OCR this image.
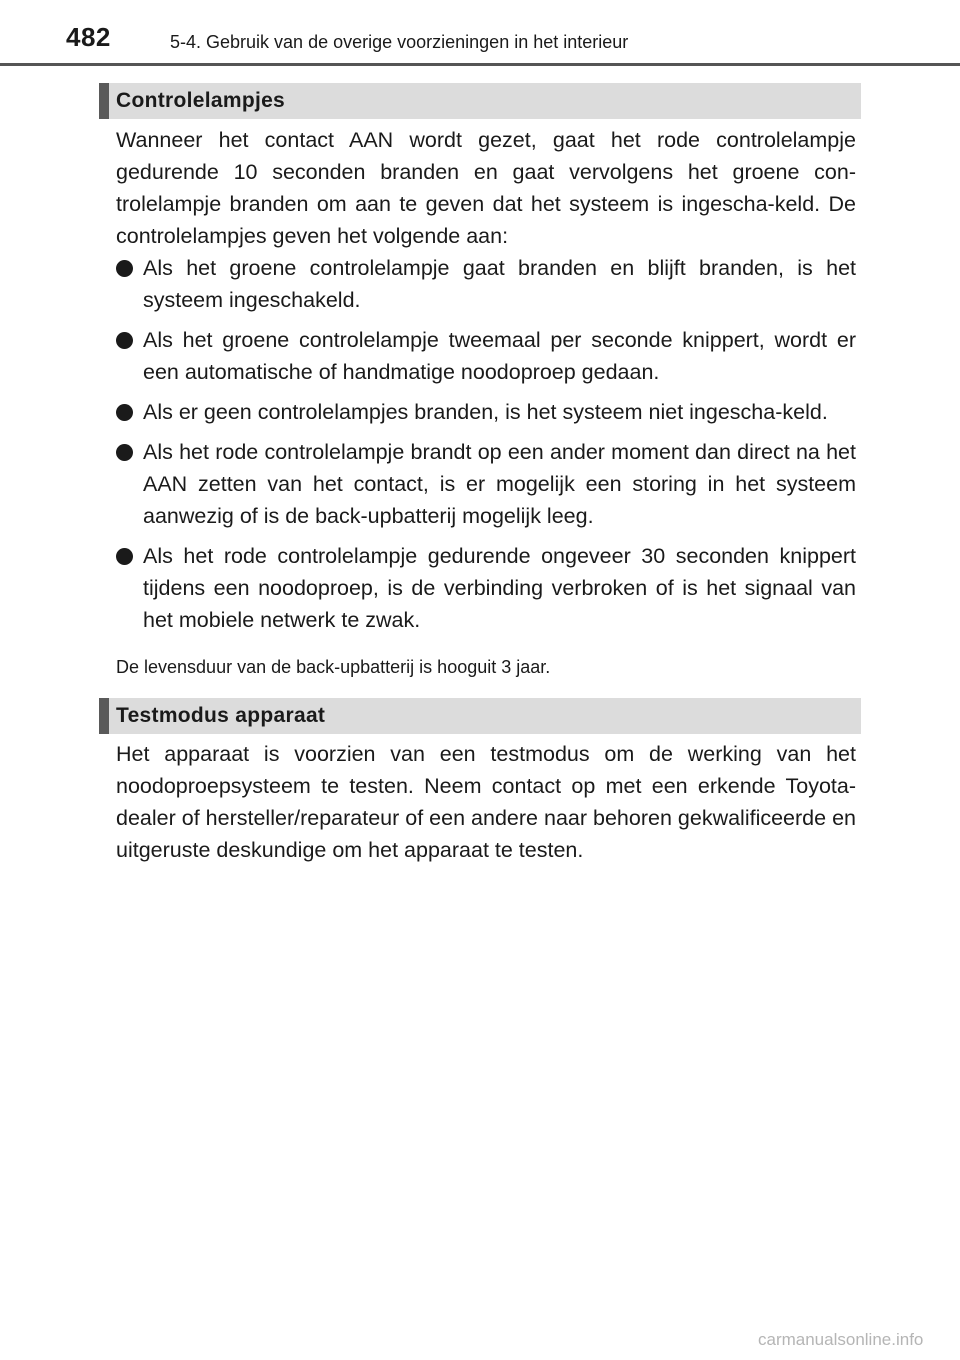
482	5-4. Gebruik van de overige voorzieningen in het interieur
Controlelampjes
Wanneer het contact AAN wordt gezet, gaat het rode controlelampje gedurende 10 seconden branden en gaat vervolgens het groene con-trolelampje branden om aan te geven dat het systeem is ingescha-keld. De controlelampjes geven het volgende aan:
Als het groene controlelampje gaat branden en blijft branden, is het systeem ingeschakeld.
Als het groene controlelampje tweemaal per seconde knippert, wordt er een automatische of handmatige noodoproep gedaan.
Als er geen controlelampjes branden, is het systeem niet ingescha-keld.
Als het rode controlelampje brandt op een ander moment dan direct na het AAN zetten van het contact, is er mogelijk een storing in het systeem aanwezig of is de back-upbatterij mogelijk leeg.
Als het rode controlelampje gedurende ongeveer 30 seconden knippert tijdens een noodoproep, is de verbinding verbroken of is het signaal van het mobiele netwerk te zwak.
De levensduur van de back-upbatterij is hooguit 3 jaar.
Testmodus apparaat
Het apparaat is voorzien van een testmodus om de werking van het noodoproepsysteem te testen. Neem contact op met een erkende Toyota-dealer of hersteller/reparateur of een andere naar behoren gekwalificeerde en uitgeruste deskundige om het apparaat te testen.
carmanualsonline.info
